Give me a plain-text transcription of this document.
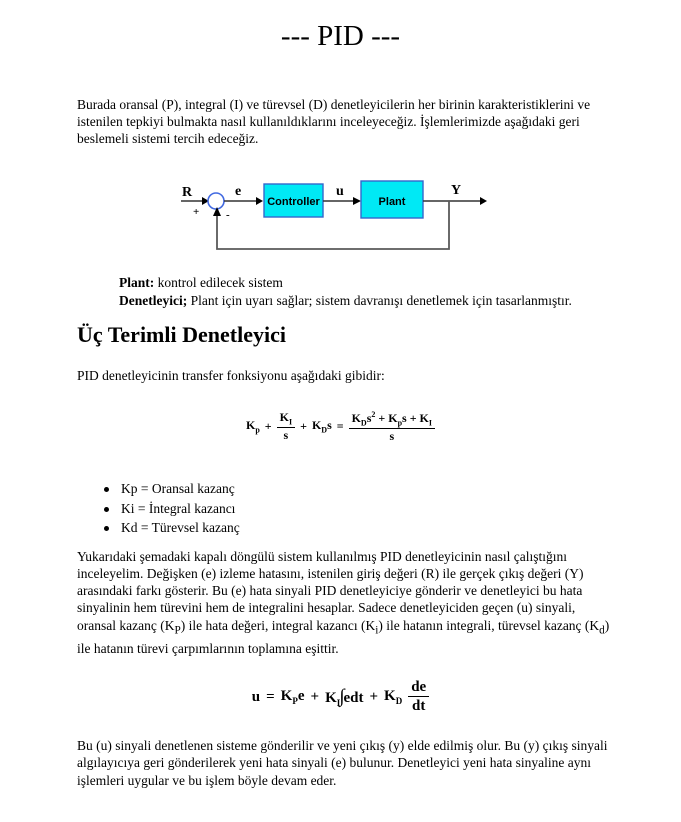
--- PID ---

Burada oransal (P), integral (I) ve türevsel (D) denetleyicilerin her birinin karakteristiklerini ve istenilen tepkiyi bulmakta nasıl kullanıldıklarını inceleyeceğiz. İşlemlerimizde aşağıdaki geri beslemeli sistemi tercih edeceğiz.

R
+ -
e
Controller
u
Plant
Y
Plant: kontrol edilecek sistem
Denetleyici; Plant için uyarı sağlar; sistem davranışı denetlemek için tasarlanmıştır.
Üç Terimli Denetleyici

PID denetleyicinin transfer fonksiyonu aşağıdaki gibidir:

$K_p + \frac{K_I}{s} + K_Ds = \frac{K_Ds^2 + K_ps + K_I}{s}$
Kp = Oransal kazanç
Ki = İntegral kazancı
Kd = Türevsel kazanç

Yukarıdaki şemadaki kapalı döngülü sistem kullanılmış PID denetleyicinin nasıl çalıştığını inceleyelim. Değişken (e) izleme hatasını, istenilen giriş değeri (R) ile gerçek çıkış değeri (Y) arasındaki farkı gösterir. Bu (e) hata sinyali PID denetleyiciye gönderir ve denetleyici bu hata sinyalinin hem türevini hem de integralini hesaplar. Sadece denetleyiciden geçen (u) sinyali, oransal kazanç $(K_P)$ ile hata değeri, integral kazancı $(K_i)$ ile hatanın integrali, türevsel kazanç $(K_d)$ ile hatanın türevi çarpımlarının toplamına eşittir.

$u = K_Pe + K_I\int edt + K_D \frac{de}{dt}$

Bu (u) sinyali denetlenen sisteme gönderilir ve yeni çıkış (y) elde edilmiş olur. Bu (y) çıkış sinyali algılayıcıya geri gönderilerek yeni hata sinyali (e) bulunur. Denetleyici yeni hata sinyaline aynı işlemleri uygular ve bu işlem böyle devam eder.
